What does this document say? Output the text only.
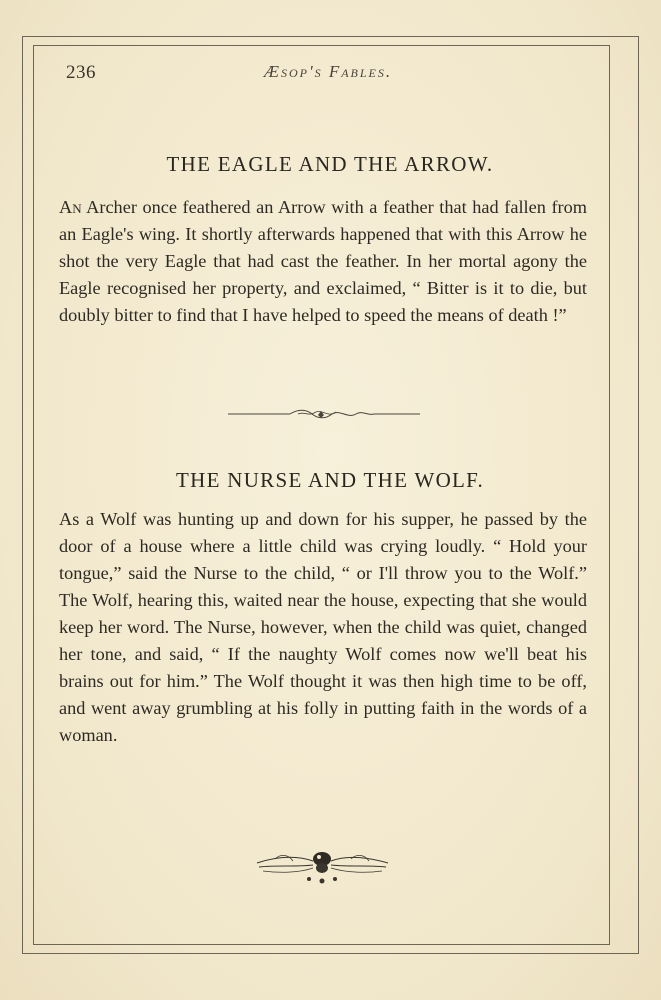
236	Æsop's Fables.
THE EAGLE AND THE ARROW.

An Archer once feathered an Arrow with a feather that had fallen from an Eagle's wing. It shortly afterwards happened that with this Arrow he shot the very Eagle that had cast the feather. In her mortal agony the Eagle recognised her property, and exclaimed, “ Bitter is it to die, but doubly bitter to find that I have helped to speed the means of death !”

THE NURSE AND THE WOLF.

As a Wolf was hunting up and down for his supper, he passed by the door of a house where a little child was crying loudly. “ Hold your tongue,” said the Nurse to the child, “ or I'll throw you to the Wolf.” The Wolf, hearing this, waited near the house, expecting that she would keep her word. The Nurse, however, when the child was quiet, changed her tone, and said, “ If the naughty Wolf comes now we'll beat his brains out for him.” The Wolf thought it was then high time to be off, and went away grumbling at his folly in putting faith in the words of a woman.
